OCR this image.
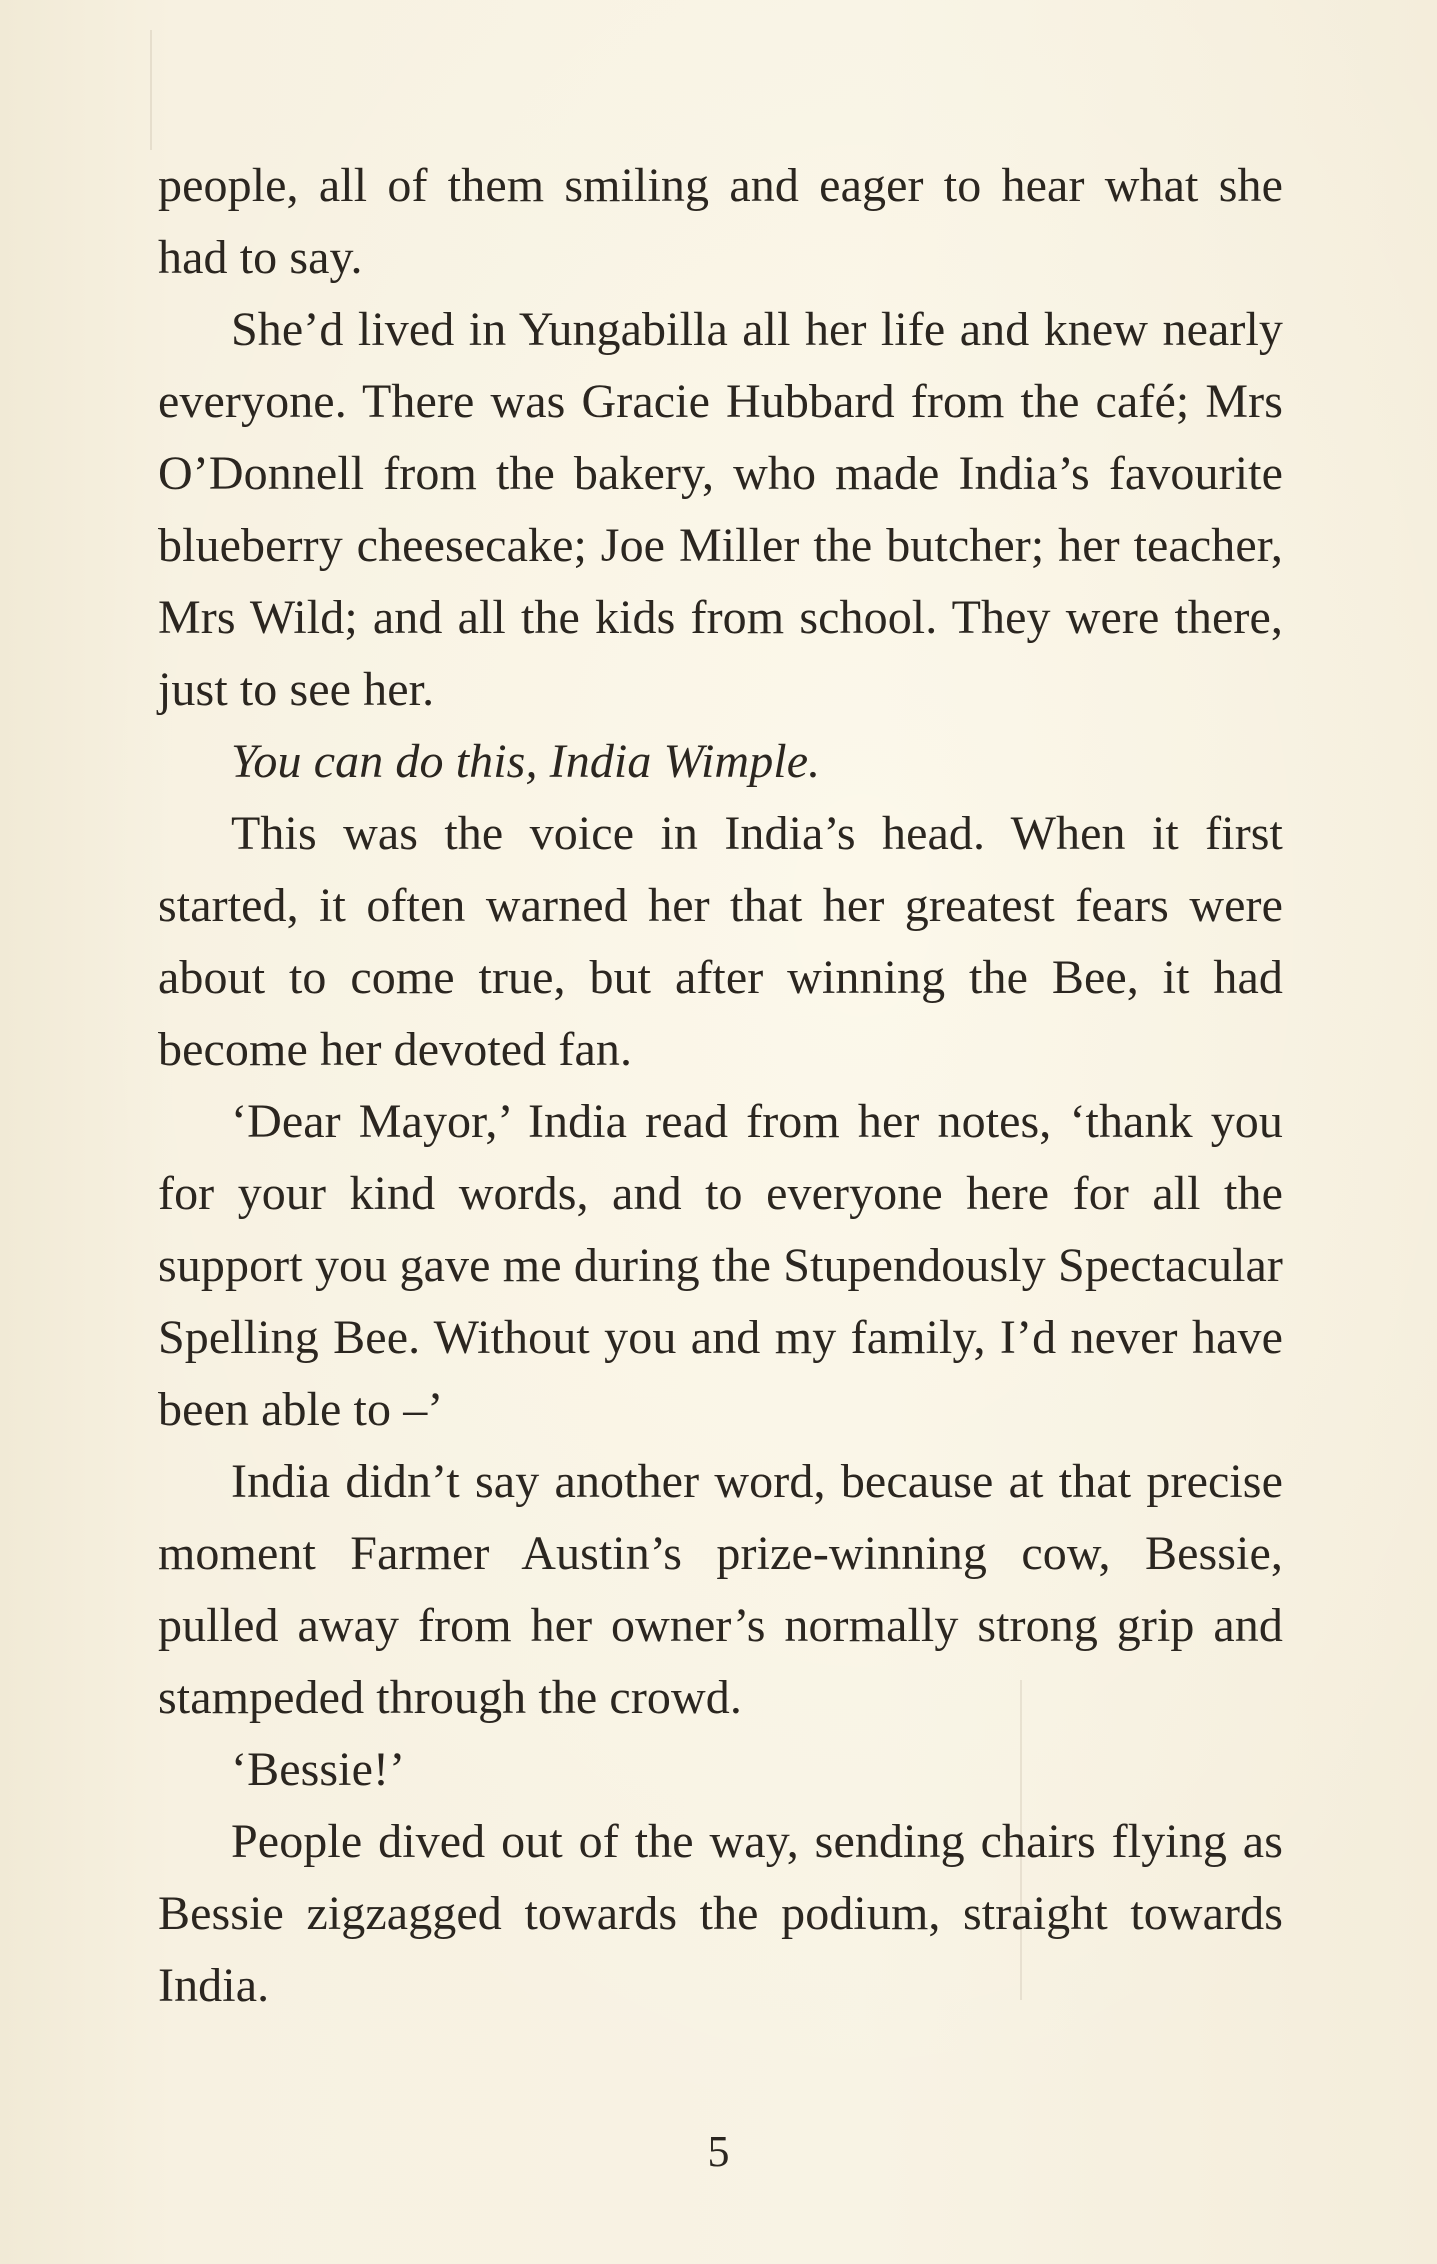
people, all of them smiling and eager to hear what she had to say.

She’d lived in Yungabilla all her life and knew nearly everyone. There was Gracie Hubbard from the café; Mrs O’Donnell from the bakery, who made India’s favourite blueberry cheesecake; Joe Miller the butcher; her teacher, Mrs Wild; and all the kids from school. They were there, just to see her.

You can do this, India Wimple.

This was the voice in India’s head. When it first started, it often warned her that her greatest fears were about to come true, but after winning the Bee, it had become her devoted fan.

‘Dear Mayor,’ India read from her notes, ‘thank you for your kind words, and to everyone here for all the support you gave me during the Stupendously Spectacular Spelling Bee. Without you and my family, I’d never have been able to –’

India didn’t say another word, because at that precise moment Farmer Austin’s prize-winning cow, Bessie, pulled away from her owner’s normally strong grip and stampeded through the crowd.

‘Bessie!’

People dived out of the way, sending chairs flying as Bessie zigzagged towards the podium, straight towards India.

5
